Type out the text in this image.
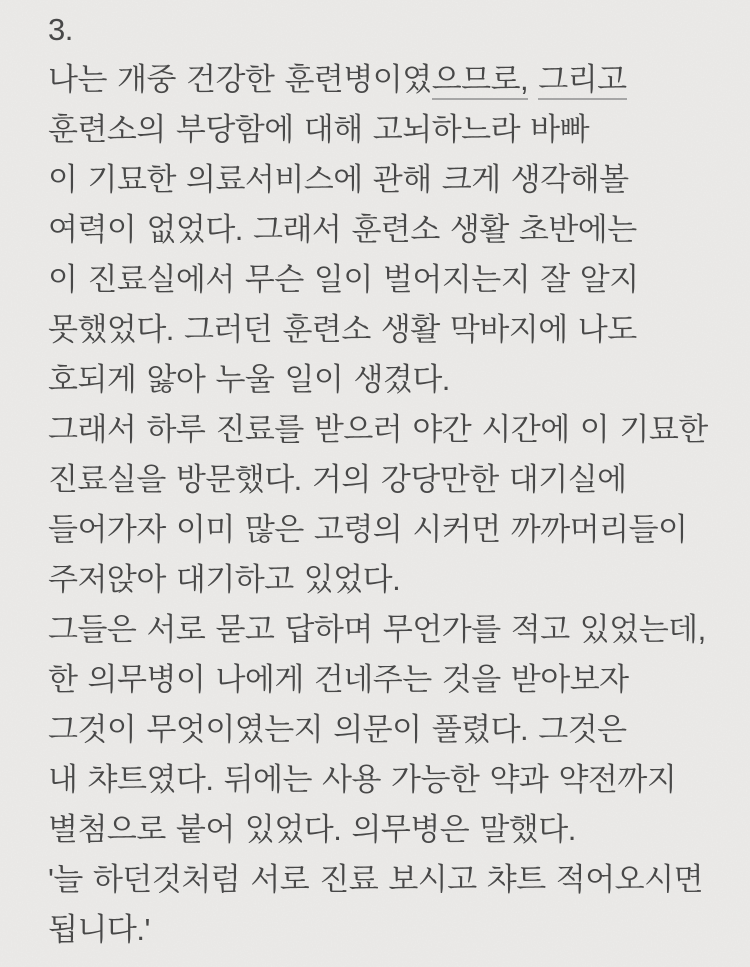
3.
나는 개중 건강한 훈련병이였으므로, 그리고
훈련소의 부당함에 대해 고뇌하느라 바빠
이 기묘한 의료서비스에 관해 크게 생각해볼
여력이 없었다. 그래서 훈련소 생활 초반에는
이 진료실에서 무슨 일이 벌어지는지 잘 알지
못했었다. 그러던 훈련소 생활 막바지에 나도
호되게 앓아 누울 일이 생겼다.
그래서 하루 진료를 받으러 야간 시간에 이 기묘한
진료실을 방문했다. 거의 강당만한 대기실에
들어가자 이미 많은 고령의 시커먼 까까머리들이
주저앉아 대기하고 있었다.
그들은 서로 묻고 답하며 무언가를 적고 있었는데,
한 의무병이 나에게 건네주는 것을 받아보자
그것이 무엇이였는지 의문이 풀렸다. 그것은
내 챠트였다. 뒤에는 사용 가능한 약과 약전까지
별첨으로 붙어 있었다. 의무병은 말했다.
'늘 하던것처럼 서로 진료 보시고 챠트 적어오시면
됩니다.'
